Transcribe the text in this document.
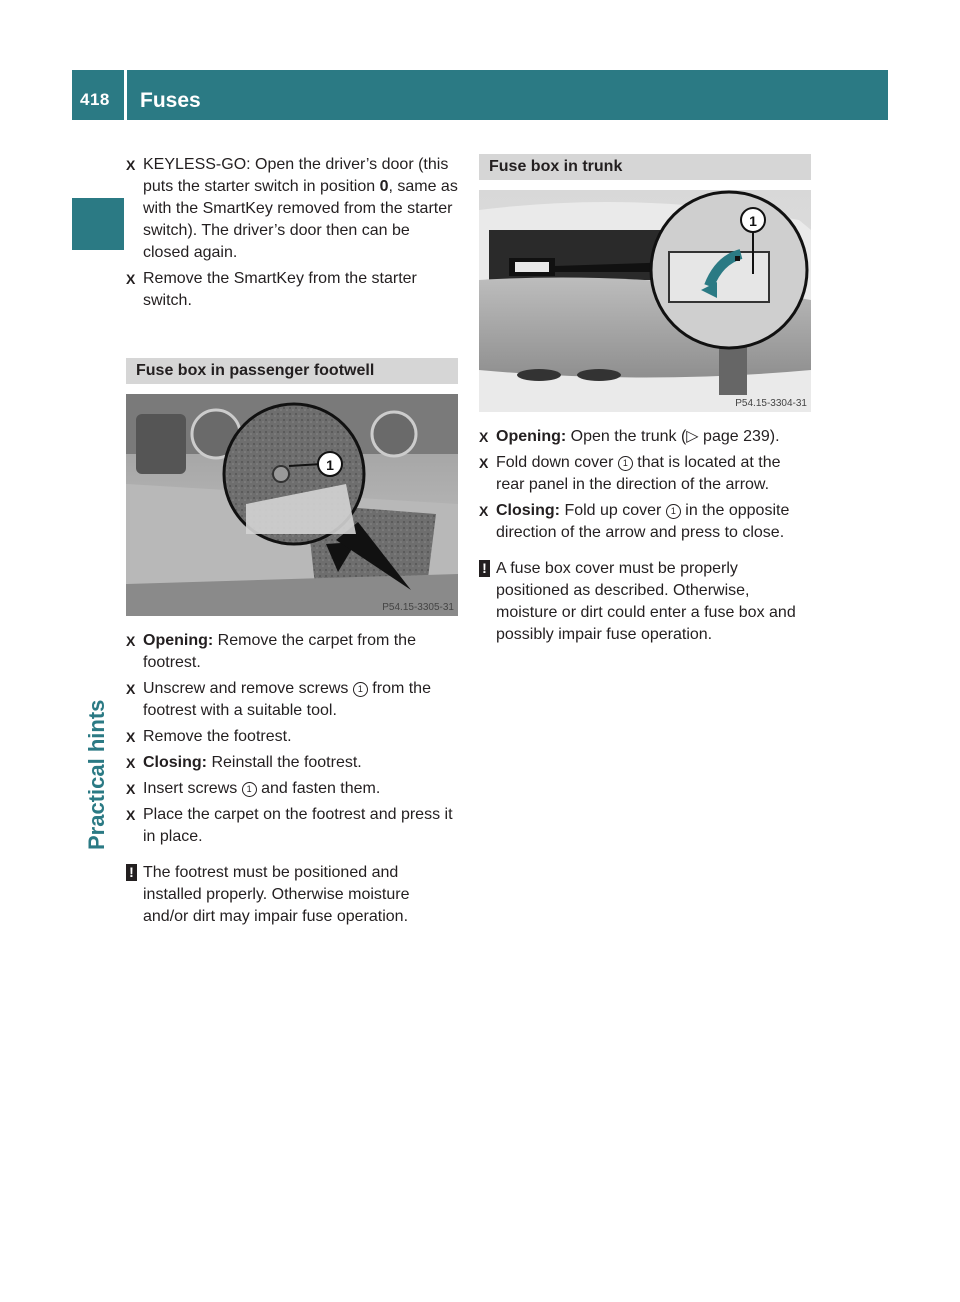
418	Fuses
Practical hints
X KEYLESS-GO: Open the driver’s door (this puts the starter switch in position 0, same as with the SmartKey removed from the starter switch). The driver’s door then can be closed again.
X Remove the SmartKey from the starter switch.
Fuse box in passenger footwell
1
P54.15-3305-31
X Opening: Remove the carpet from the footrest.
X Unscrew and remove screws 1 from the footrest with a suitable tool.
X Remove the footrest.
X Closing: Reinstall the footrest.
X Insert screws 1 and fasten them.
X Place the carpet on the footrest and press it in place.
! The footrest must be positioned and installed properly. Otherwise moisture and/or dirt may impair fuse operation.
Fuse box in trunk
1
P54.15-3304-31
X Opening: Open the trunk (▷ page 239).
X Fold down cover 1 that is located at the rear panel in the direction of the arrow.
X Closing: Fold up cover 1 in the opposite direction of the arrow and press to close.
! A fuse box cover must be properly positioned as described. Otherwise, moisture or dirt could enter a fuse box and possibly impair fuse operation.
